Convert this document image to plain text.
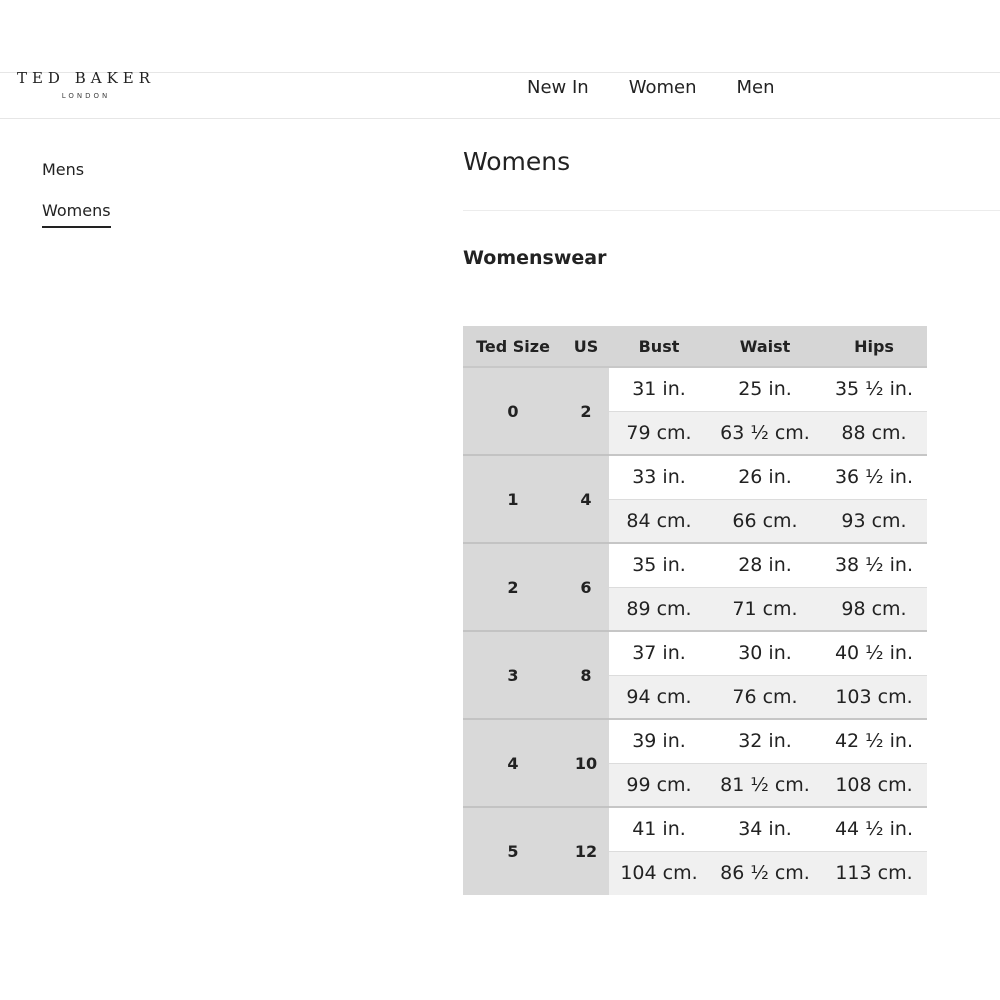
TED BAKER
LONDON	New In Women Men
Mens
Womens
Womens
Womenswear
Ted Size	US	Bust	Waist	Hips
0	2	31 in.	25 in.	35 ½ in.
		79 cm.	63 ½ cm.	88 cm.
1	4	33 in.	26 in.	36 ½ in.
		84 cm.	66 cm.	93 cm.
2	6	35 in.	28 in.	38 ½ in.
		89 cm.	71 cm.	98 cm.
3	8	37 in.	30 in.	40 ½ in.
		94 cm.	76 cm.	103 cm.
4	10	39 in.	32 in.	42 ½ in.
		99 cm.	81 ½ cm.	108 cm.
5	12	41 in.	34 in.	44 ½ in.
		104 cm.	86 ½ cm.	113 cm.
